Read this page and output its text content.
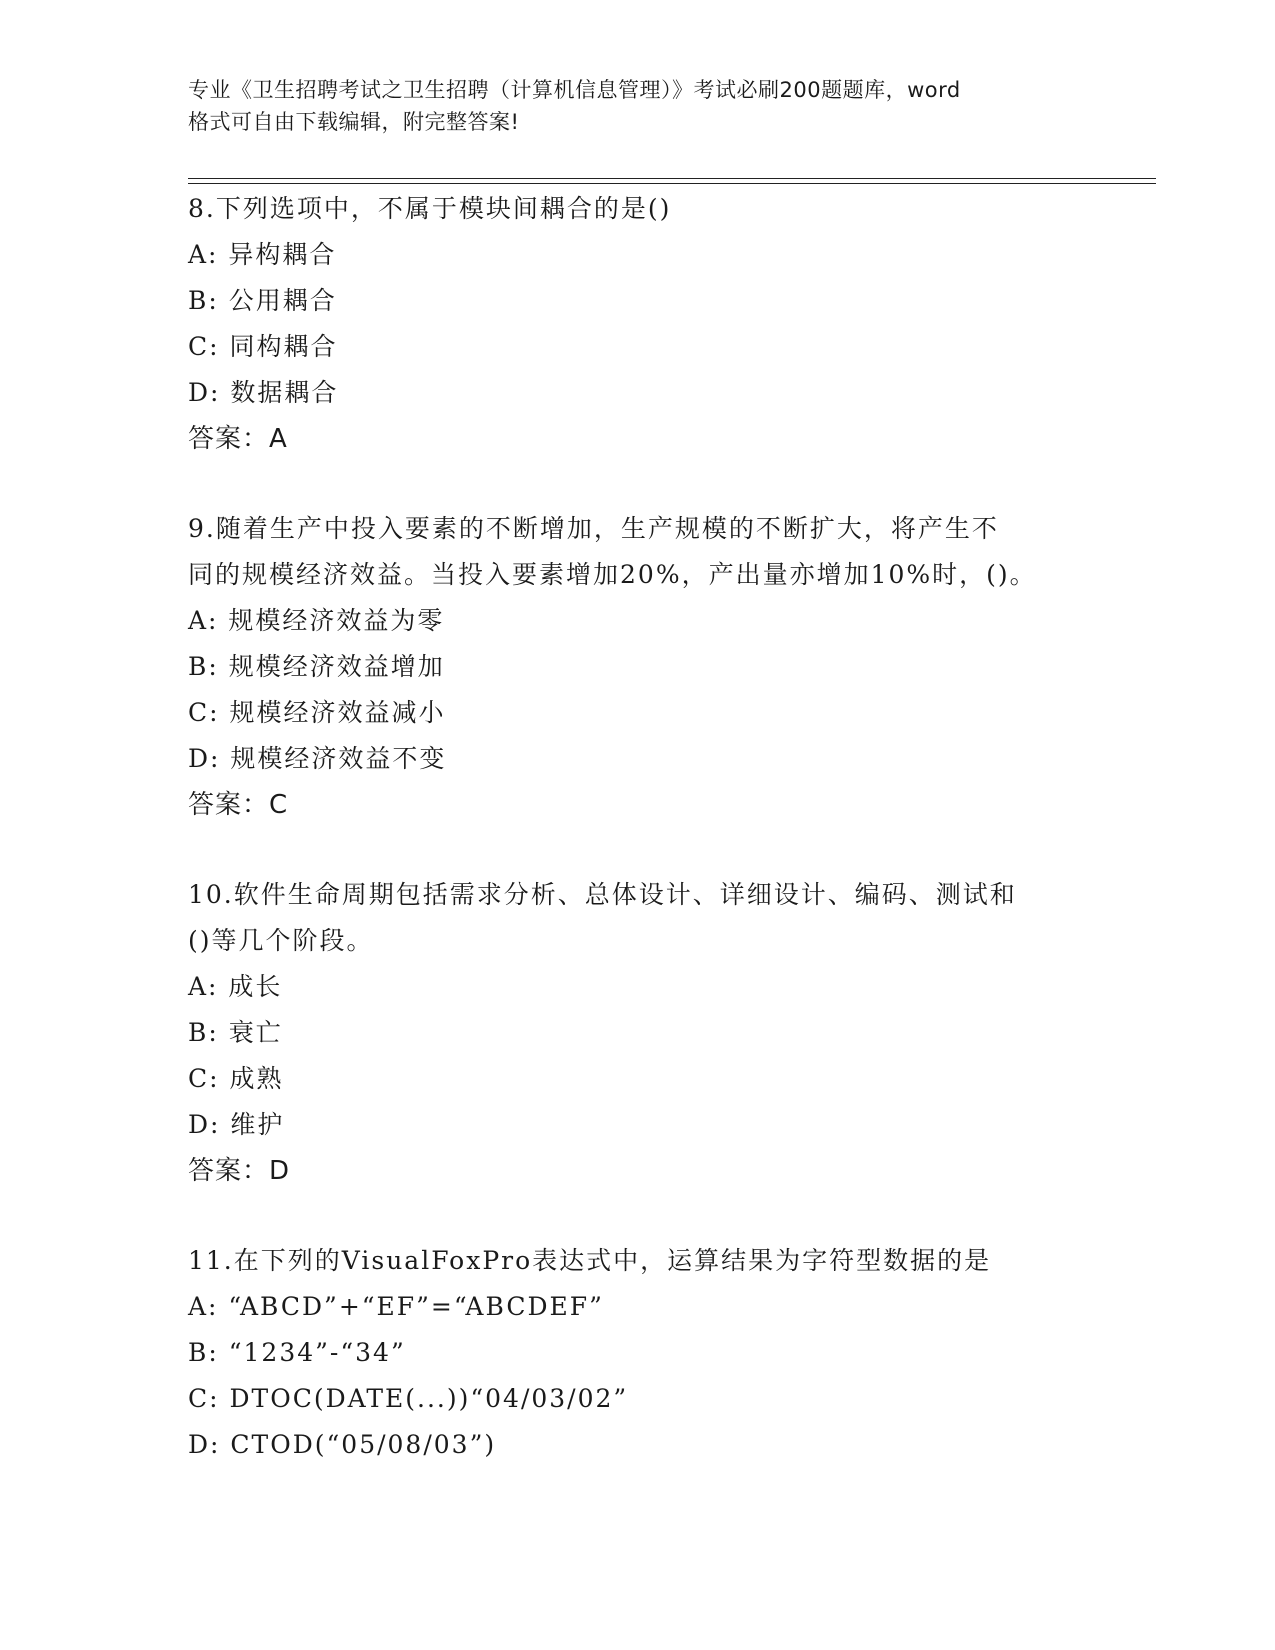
专业《卫生招聘考试之卫生招聘（计算机信息管理）》考试必刷200题题库，word
格式可自由下载编辑，附完整答案!
8.下列选项中，不属于模块间耦合的是()
A: 异构耦合
B: 公用耦合
C: 同构耦合
D: 数据耦合
答案：A
9.随着生产中投入要素的不断增加，生产规模的不断扩大，将产生不
同的规模经济效益。当投入要素增加20%，产出量亦增加10%时，()。
A: 规模经济效益为零
B: 规模经济效益增加
C: 规模经济效益减小
D: 规模经济效益不变
答案：C
10.软件生命周期包括需求分析、总体设计、详细设计、编码、测试和
()等几个阶段。
A: 成长
B: 衰亡
C: 成熟
D: 维护
答案：D
11.在下列的VisualFoxPro表达式中，运算结果为字符型数据的是
A: “ABCD”+“EF”=“ABCDEF”
B: “1234”-“34”
C: DTOC(DATE(...))“04/03/02”
D: CTOD(“05/08/03”)
